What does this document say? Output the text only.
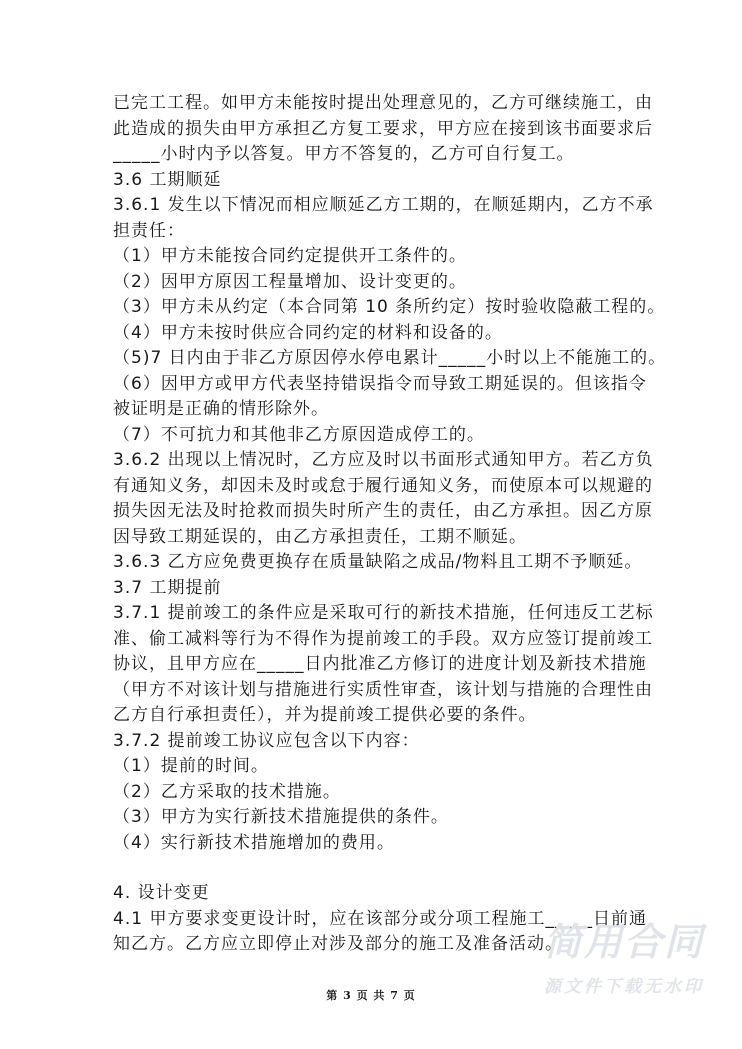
已完工工程。如甲方未能按时提出处理意见的，乙方可继续施工，由
此造成的损失由甲方承担乙方复工要求，甲方应在接到该书面要求后
_____小时内予以答复。甲方不答复的，乙方可自行复工。
3.6 工期顺延
3.6.1 发生以下情况而相应顺延乙方工期的，在顺延期内，乙方不承
担责任：
（1）甲方未能按合同约定提供开工条件的。
（2）因甲方原因工程量增加、设计变更的。
（3）甲方未从约定（本合同第 10 条所约定）按时验收隐蔽工程的。
（4）甲方未按时供应合同约定的材料和设备的。
（5)7 日内由于非乙方原因停水停电累计_____小时以上不能施工的。
（6）因甲方或甲方代表坚持错误指令而导致工期延误的。但该指令
被证明是正确的情形除外。
（7）不可抗力和其他非乙方原因造成停工的。
3.6.2 出现以上情况时，乙方应及时以书面形式通知甲方。若乙方负
有通知义务，却因未及时或怠于履行通知义务，而使原本可以规避的
损失因无法及时抢救而损失时所产生的责任，由乙方承担。因乙方原
因导致工期延误的，由乙方承担责任，工期不顺延。
3.6.3 乙方应免费更换存在质量缺陷之成品/物料且工期不予顺延。
3.7 工期提前
3.7.1 提前竣工的条件应是采取可行的新技术措施，任何违反工艺标
准、偷工减料等行为不得作为提前竣工的手段。双方应签订提前竣工
协议，且甲方应在_____日内批准乙方修订的进度计划及新技术措施
（甲方不对该计划与措施进行实质性审查，该计划与措施的合理性由
乙方自行承担责任），并为提前竣工提供必要的条件。
3.7.2 提前竣工协议应包含以下内容：
（1）提前的时间。
（2）乙方采取的技术措施。
（3）甲方为实行新技术措施提供的条件。
（4）实行新技术措施增加的费用。
4. 设计变更
4.1 甲方要求变更设计时，应在该部分或分项工程施工_____日前通
知乙方。乙方应立即停止对涉及部分的施工及准备活动。
简用合同
源文件下载无水印
第 3 页 共 7 页
